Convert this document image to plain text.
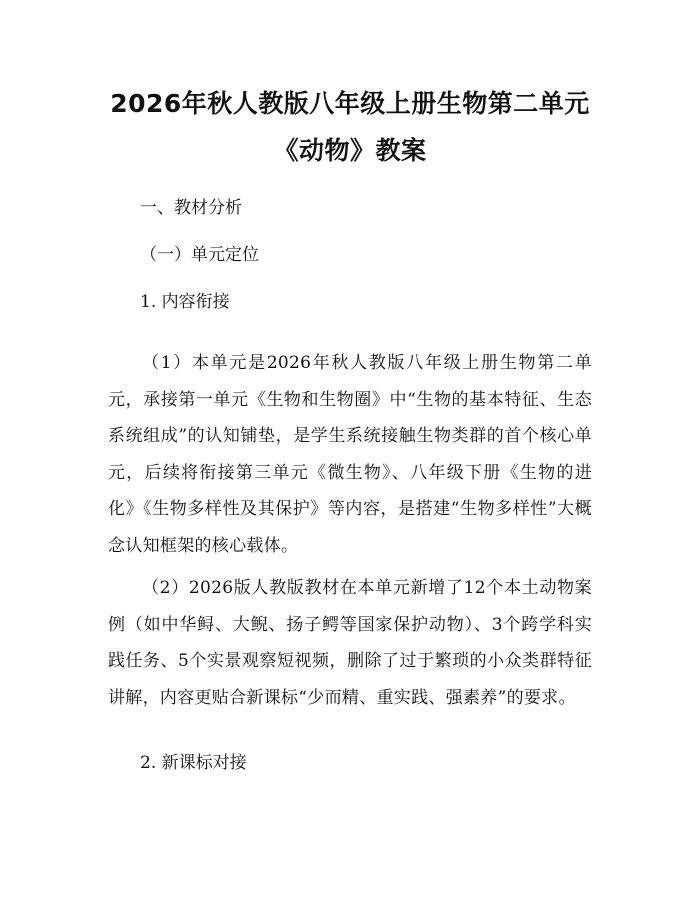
2026年秋人教版八年级上册生物第二单元
《动物》教案
一、教材分析
（一）单元定位
1. 内容衔接

（1）本单元是2026年秋人教版八年级上册生物第二单元，承接第一单元《生物和生物圈》中“生物的基本特征、生态系统组成”的认知铺垫，是学生系统接触生物类群的首个核心单元，后续将衔接第三单元《微生物》、八年级下册《生物的进化》《生物多样性及其保护》等内容，是搭建“生物多样性”大概念认知框架的核心载体。

（2）2026版人教版教材在本单元新增了12个本土动物案例（如中华鲟、大鲵、扬子鳄等国家保护动物）、3个跨学科实践任务、5个实景观察短视频，删除了过于繁琐的小众类群特征讲解，内容更贴合新课标“少而精、重实践、强素养”的要求。

2. 新课标对接
